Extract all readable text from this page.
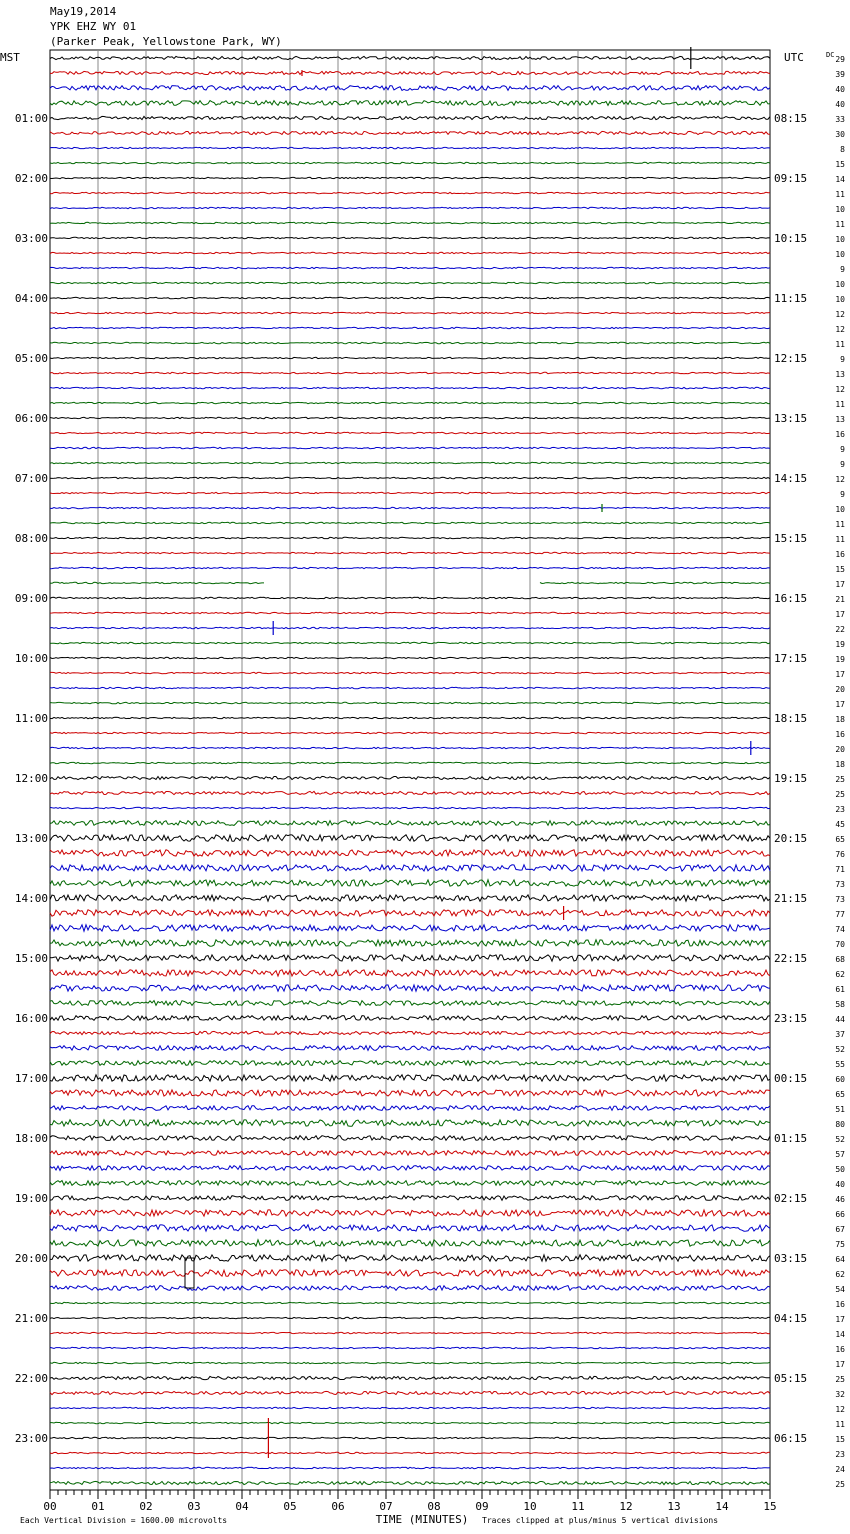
May19,2014
YPK EHZ WY 01
(Parker Peak, Yellowstone Park, WY)
29
39
40
40
33
30
8
15
14
11
10
11
10
10
9
10
10
12
12
11
9
13
12
11
13
16
9
9
12
9
10
11
11
16
15
17
21
17
22
19
19
17
20
17
18
16
20
18
25
25
23
45
65
76
71
73
73
77
74
70
68
62
61
58
44
37
52
55
60
65
51
80
52
57
50
40
46
66
67
75
64
62
54
16
17
14
16
17
25
32
12
11
15
23
24
25
MST	UTC	DC
01:00
02:00
03:00
04:00
05:00
06:00
07:00
08:00
09:00
10:00
11:00
12:00
13:00
14:00
15:00
16:00
17:00
18:00
19:00
20:00
21:00
22:00
23:00
08:15
09:15
10:15
11:15
12:15
13:15
14:15
15:15
16:15
17:15
18:15
19:15
20:15
21:15
22:15
23:15
00:15
01:15
02:15
03:15
04:15
05:15
06:15
00	01	02	03	04	05	06	07	08	09	10	11	12	13	14	15
TIME (MINUTES)
Each Vertical Division = 1600.00 microvolts	Traces clipped at plus/minus 5 vertical divisions
